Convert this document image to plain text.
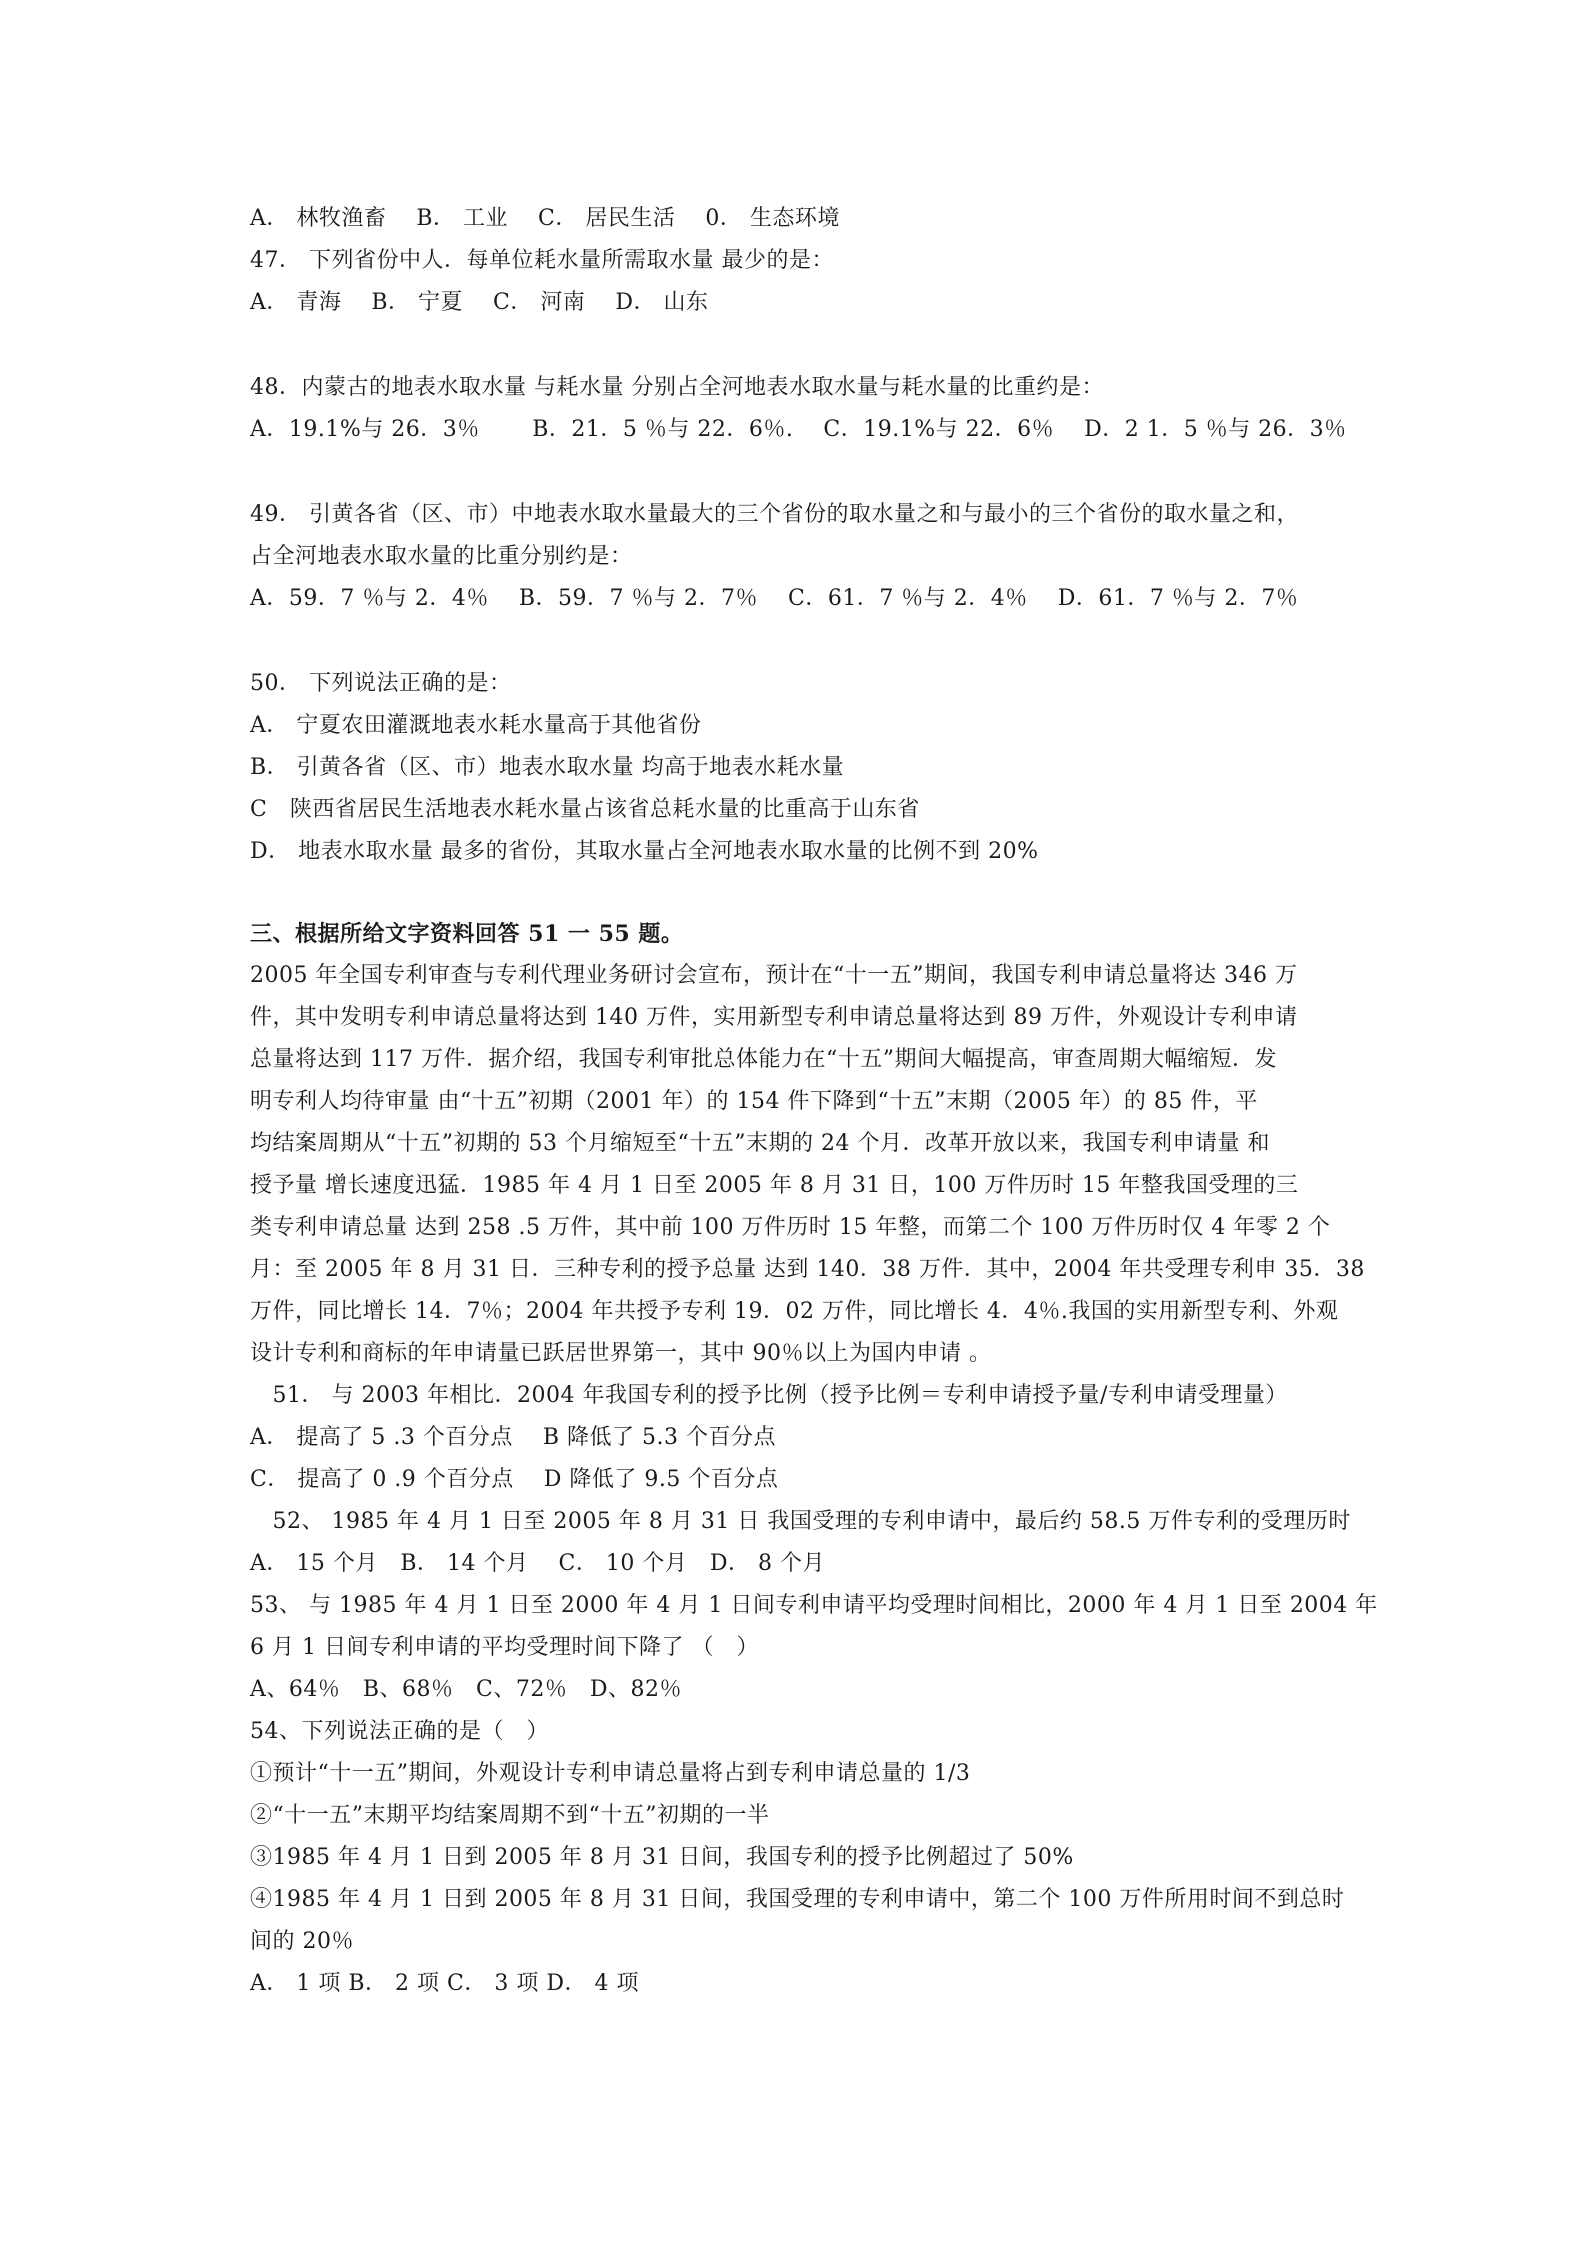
A． 林牧渔畜　 B． 工业　 C． 居民生活　 0． 生态环境
47． 下列省份中人．每单位耗水量所需取水量 最少的是：
A． 青海　 B． 宁夏　 C． 河南　 D． 山东
48．内蒙古的地表水取水量 与耗水量 分别占全河地表水取水量与耗水量的比重约是：
A．19.1%与 26．3％　　 B．21．5 ％与 22．6％.　 C．19.1%与 22．6％　 D．2 1．5 ％与 26．3％
49． 引黄各省（区、市）中地表水取水量最大的三个省份的取水量之和与最小的三个省份的取水量之和，
占全河地表水取水量的比重分别约是：
A．59．7 ％与 2．4％　 B．59．7 ％与 2．7％　 C．61．7 ％与 2．4％　 D．61．7 ％与 2．7％
50． 下列说法正确的是：
A． 宁夏农田灌溉地表水耗水量高于其他省份
B． 引黄各省（区、市）地表水取水量 均高于地表水耗水量
C　陕西省居民生活地表水耗水量占该省总耗水量的比重高于山东省
D． 地表水取水量 最多的省份，其取水量占全河地表水取水量的比例不到 20%
三、根据所给文字资料回答 51 一 55 题。
2005 年全国专利审查与专利代理业务研讨会宣布，预计在“十一五”期间，我国专利申请总量将达 346 万
件，其中发明专利申请总量将达到 140 万件，实用新型专利申请总量将达到 89 万件，外观设计专利申请
总量将达到 117 万件．据介绍，我国专利审批总体能力在“十五”期间大幅提高，审查周期大幅缩短．发
明专利人均待审量 由“十五”初期（2001 年）的 154 件下降到“十五”末期（2005 年）的 85 件，平
均结案周期从“十五”初期的 53 个月缩短至“十五”末期的 24 个月．改革开放以来，我国专利申请量 和
授予量 增长速度迅猛．1985 年 4 月 1 日至 2005 年 8 月 31 日，100 万件历时 15 年整我国受理的三
类专利申请总量 达到 258 .5 万件，其中前 100 万件历时 15 年整，而第二个 100 万件历时仅 4 年零 2 个
月：至 2005 年 8 月 31 日．三种专利的授予总量 达到 140．38 万件．其中，2004 年共受理专利申 35．38
万件，同比增长 14．7％；2004 年共授予专利 19．02 万件，同比增长 4．4％.我国的实用新型专利、外观
设计专利和商标的年申请量已跃居世界第一，其中 90％以上为国内申请 。
　51． 与 2003 年相比．2004 年我国专利的授予比例（授予比例＝专利申请授予量/专利申请受理量）
A． 提高了 5 .3 个百分点　 B 降低了 5.3 个百分点
C． 提高了 0 .9 个百分点　 D 降低了 9.5 个百分点
　52、 1985 年 4 月 1 日至 2005 年 8 月 31 日 我国受理的专利申请中，最后约 58.5 万件专利的受理历时
A． 15 个月　B． 14 个月　 C． 10 个月　D． 8 个月
53、 与 1985 年 4 月 1 日至 2000 年 4 月 1 日间专利申请平均受理时间相比，2000 年 4 月 1 日至 2004 年
6 月 1 日间专利申请的平均受理时间下降了 （　）
A、64％　B、68％　C、72％　D、82％
54、下列说法正确的是（　）
①预计“十一五”期间，外观设计专利申请总量将占到专利申请总量的 1/3
②“十一五”末期平均结案周期不到“十五”初期的一半
③1985 年 4 月 1 日到 2005 年 8 月 31 日间，我国专利的授予比例超过了 50%
④1985 年 4 月 1 日到 2005 年 8 月 31 日间，我国受理的专利申请中，第二个 100 万件所用时间不到总时
间的 20％
A． 1 项 B． 2 项 C． 3 项 D． 4 项
